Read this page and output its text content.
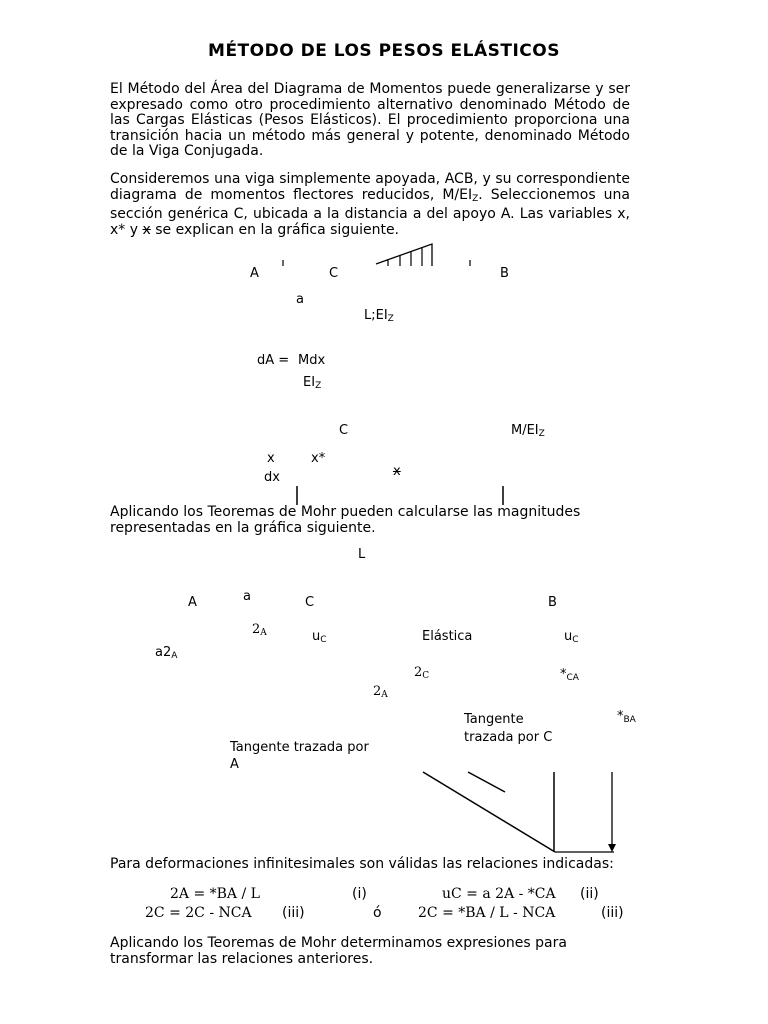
MÉTODO DE LOS PESOS ELÁSTICOS
El Método del Área del Diagrama de Momentos puede generalizarse y ser expresado como otro procedimiento alternativo denominado Método de las Cargas Elásticas (Pesos Elásticos). El procedimiento proporciona una transición hacia un método más general y potente, denominado Método de la Viga Conjugada.
Consideremos una viga simplemente apoyada, ACB, y su correspondiente diagrama de momentos flectores reducidos, $M/EI_Z$. Seleccionemos una sección genérica C, ubicada a la distancia a del apoyo A. Las variables x, x* y x se explican en la gráfica siguiente.
A	C	B
a
$L;EI_Z$
dA = Mdx
$EI_Z$
C	$M/EI_Z$
x	x*
dx	x
Aplicando los Teoremas de Mohr pueden calcularse las magnitudes representadas en la gráfica siguiente.
L
A	a	C	B
$2_A$	$u_C$	Elástica	$u_C$
$a2_A$
$2_C$	$*_{CA}$
$2_A$
Tangente
trazada por C
$*_{BA}$
Tangente trazada por
A
Para deformaciones infinitesimales son válidas las relaciones indicadas:
2A = *BA / L	(i)	uC = a 2A - *CA (ii)
2C = 2C - NCA (iii)	ó	2C = *BA / L - NCA	(iii)
Aplicando los Teoremas de Mohr determinamos expresiones para transformar las relaciones anteriores.
